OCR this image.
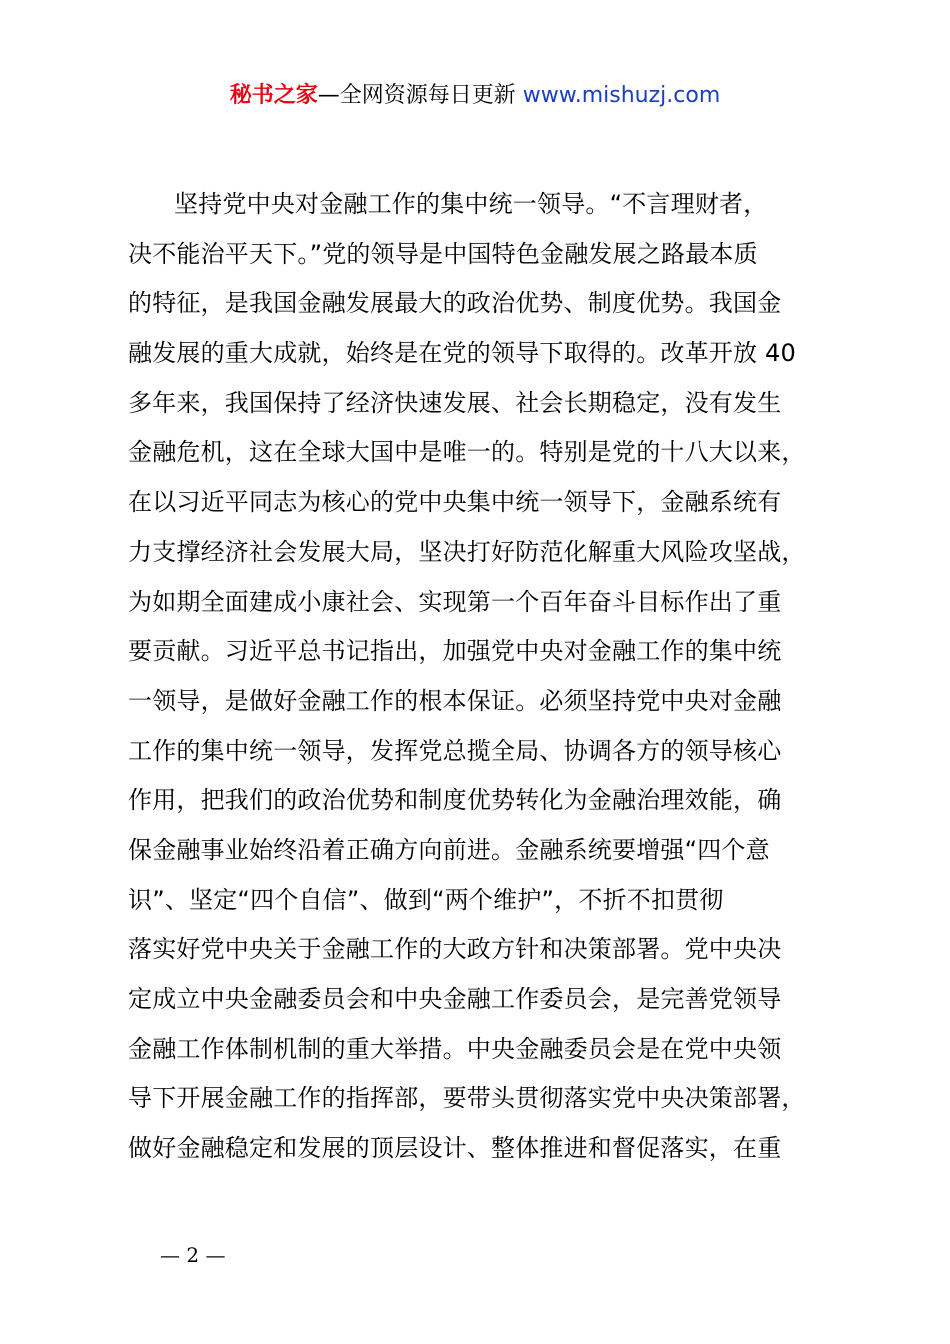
秘书之家—全网资源每日更新 www.mishuzj.com
坚持党中央对金融工作的集中统一领导。“不言理财者，
决不能治平天下。”党的领导是中国特色金融发展之路最本质
的特征，是我国金融发展最大的政治优势、制度优势。我国金
融发展的重大成就，始终是在党的领导下取得的。改革开放 40
多年来，我国保持了经济快速发展、社会长期稳定，没有发生
金融危机，这在全球大国中是唯一的。特别是党的十八大以来，
在以习近平同志为核心的党中央集中统一领导下，金融系统有
力支撑经济社会发展大局，坚决打好防范化解重大风险攻坚战，
为如期全面建成小康社会、实现第一个百年奋斗目标作出了重
要贡献。习近平总书记指出，加强党中央对金融工作的集中统
一领导，是做好金融工作的根本保证。必须坚持党中央对金融
工作的集中统一领导，发挥党总揽全局、协调各方的领导核心
作用，把我们的政治优势和制度优势转化为金融治理效能，确
保金融事业始终沿着正确方向前进。金融系统要增强“四个意
识”、坚定“四个自信”、做到“两个维护”，不折不扣贯彻
落实好党中央关于金融工作的大政方针和决策部署。党中央决
定成立中央金融委员会和中央金融工作委员会，是完善党领导
金融工作体制机制的重大举措。中央金融委员会是在党中央领
导下开展金融工作的指挥部，要带头贯彻落实党中央决策部署，
做好金融稳定和发展的顶层设计、整体推进和督促落实，在重
— 2 —
